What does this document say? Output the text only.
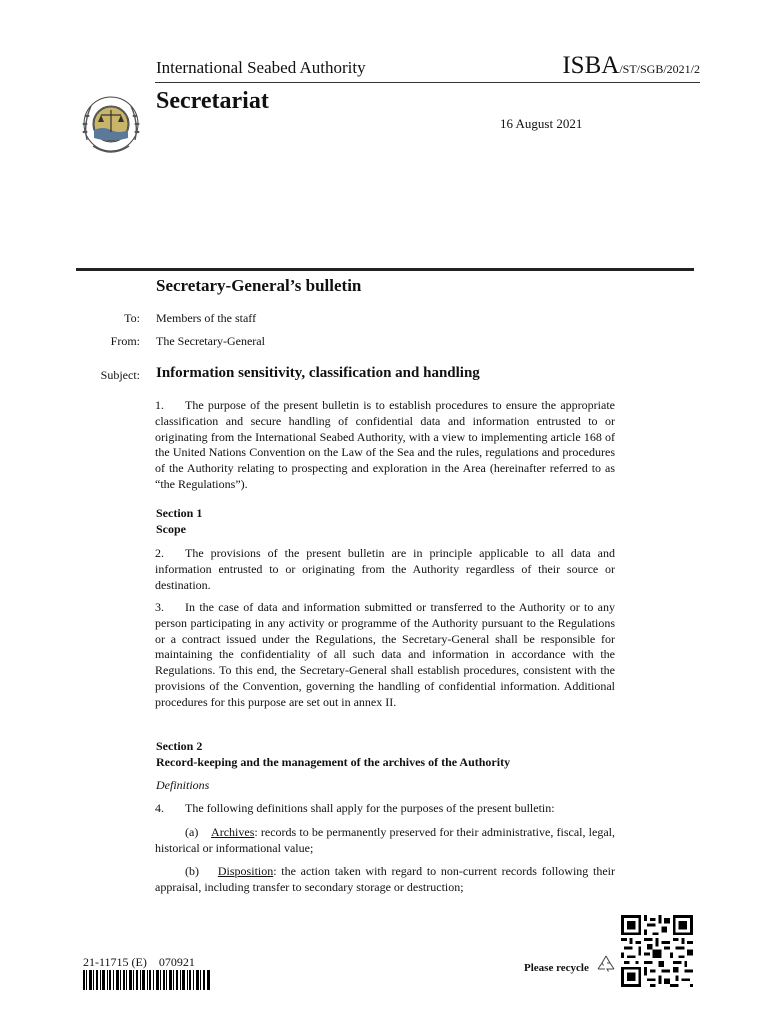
International Seabed Authority	ISBA/ST/SGB/2021/2
Secretariat
16 August 2021
Secretary-General’s bulletin
To: Members of the staff
From: The Secretary-General
Subject: Information sensitivity, classification and handling
1. The purpose of the present bulletin is to establish procedures to ensure the appropriate classification and secure handling of confidential data and information entrusted to or originating from the International Seabed Authority, with a view to implementing article 168 of the United Nations Convention on the Law of the Sea and the rules, regulations and procedures of the Authority relating to prospecting and exploration in the Area (hereinafter referred to as “the Regulations”).
Section 1
Scope
2. The provisions of the present bulletin are in principle applicable to all data and information entrusted to or originating from the Authority regardless of their source or destination.
3. In the case of data and information submitted or transferred to the Authority or to any person participating in any activity or programme of the Authority pursuant to the Regulations or a contract issued under the Regulations, the Secretary-General shall be responsible for maintaining the confidentiality of all such data and information in accordance with the Regulations. To this end, the Secretary-General shall establish procedures, consistent with the provisions of the Convention, governing the handling of confidential information. Additional procedures for this purpose are set out in annex II.
Section 2
Record-keeping and the management of the archives of the Authority
Definitions
4. The following definitions shall apply for the purposes of the present bulletin:
(a) Archives: records to be permanently preserved for their administrative, fiscal, legal, historical or informational value;
(b) Disposition: the action taken with regard to non-current records following their appraisal, including transfer to secondary storage or destruction;
21-11715 (E)    070921	Please recycle
